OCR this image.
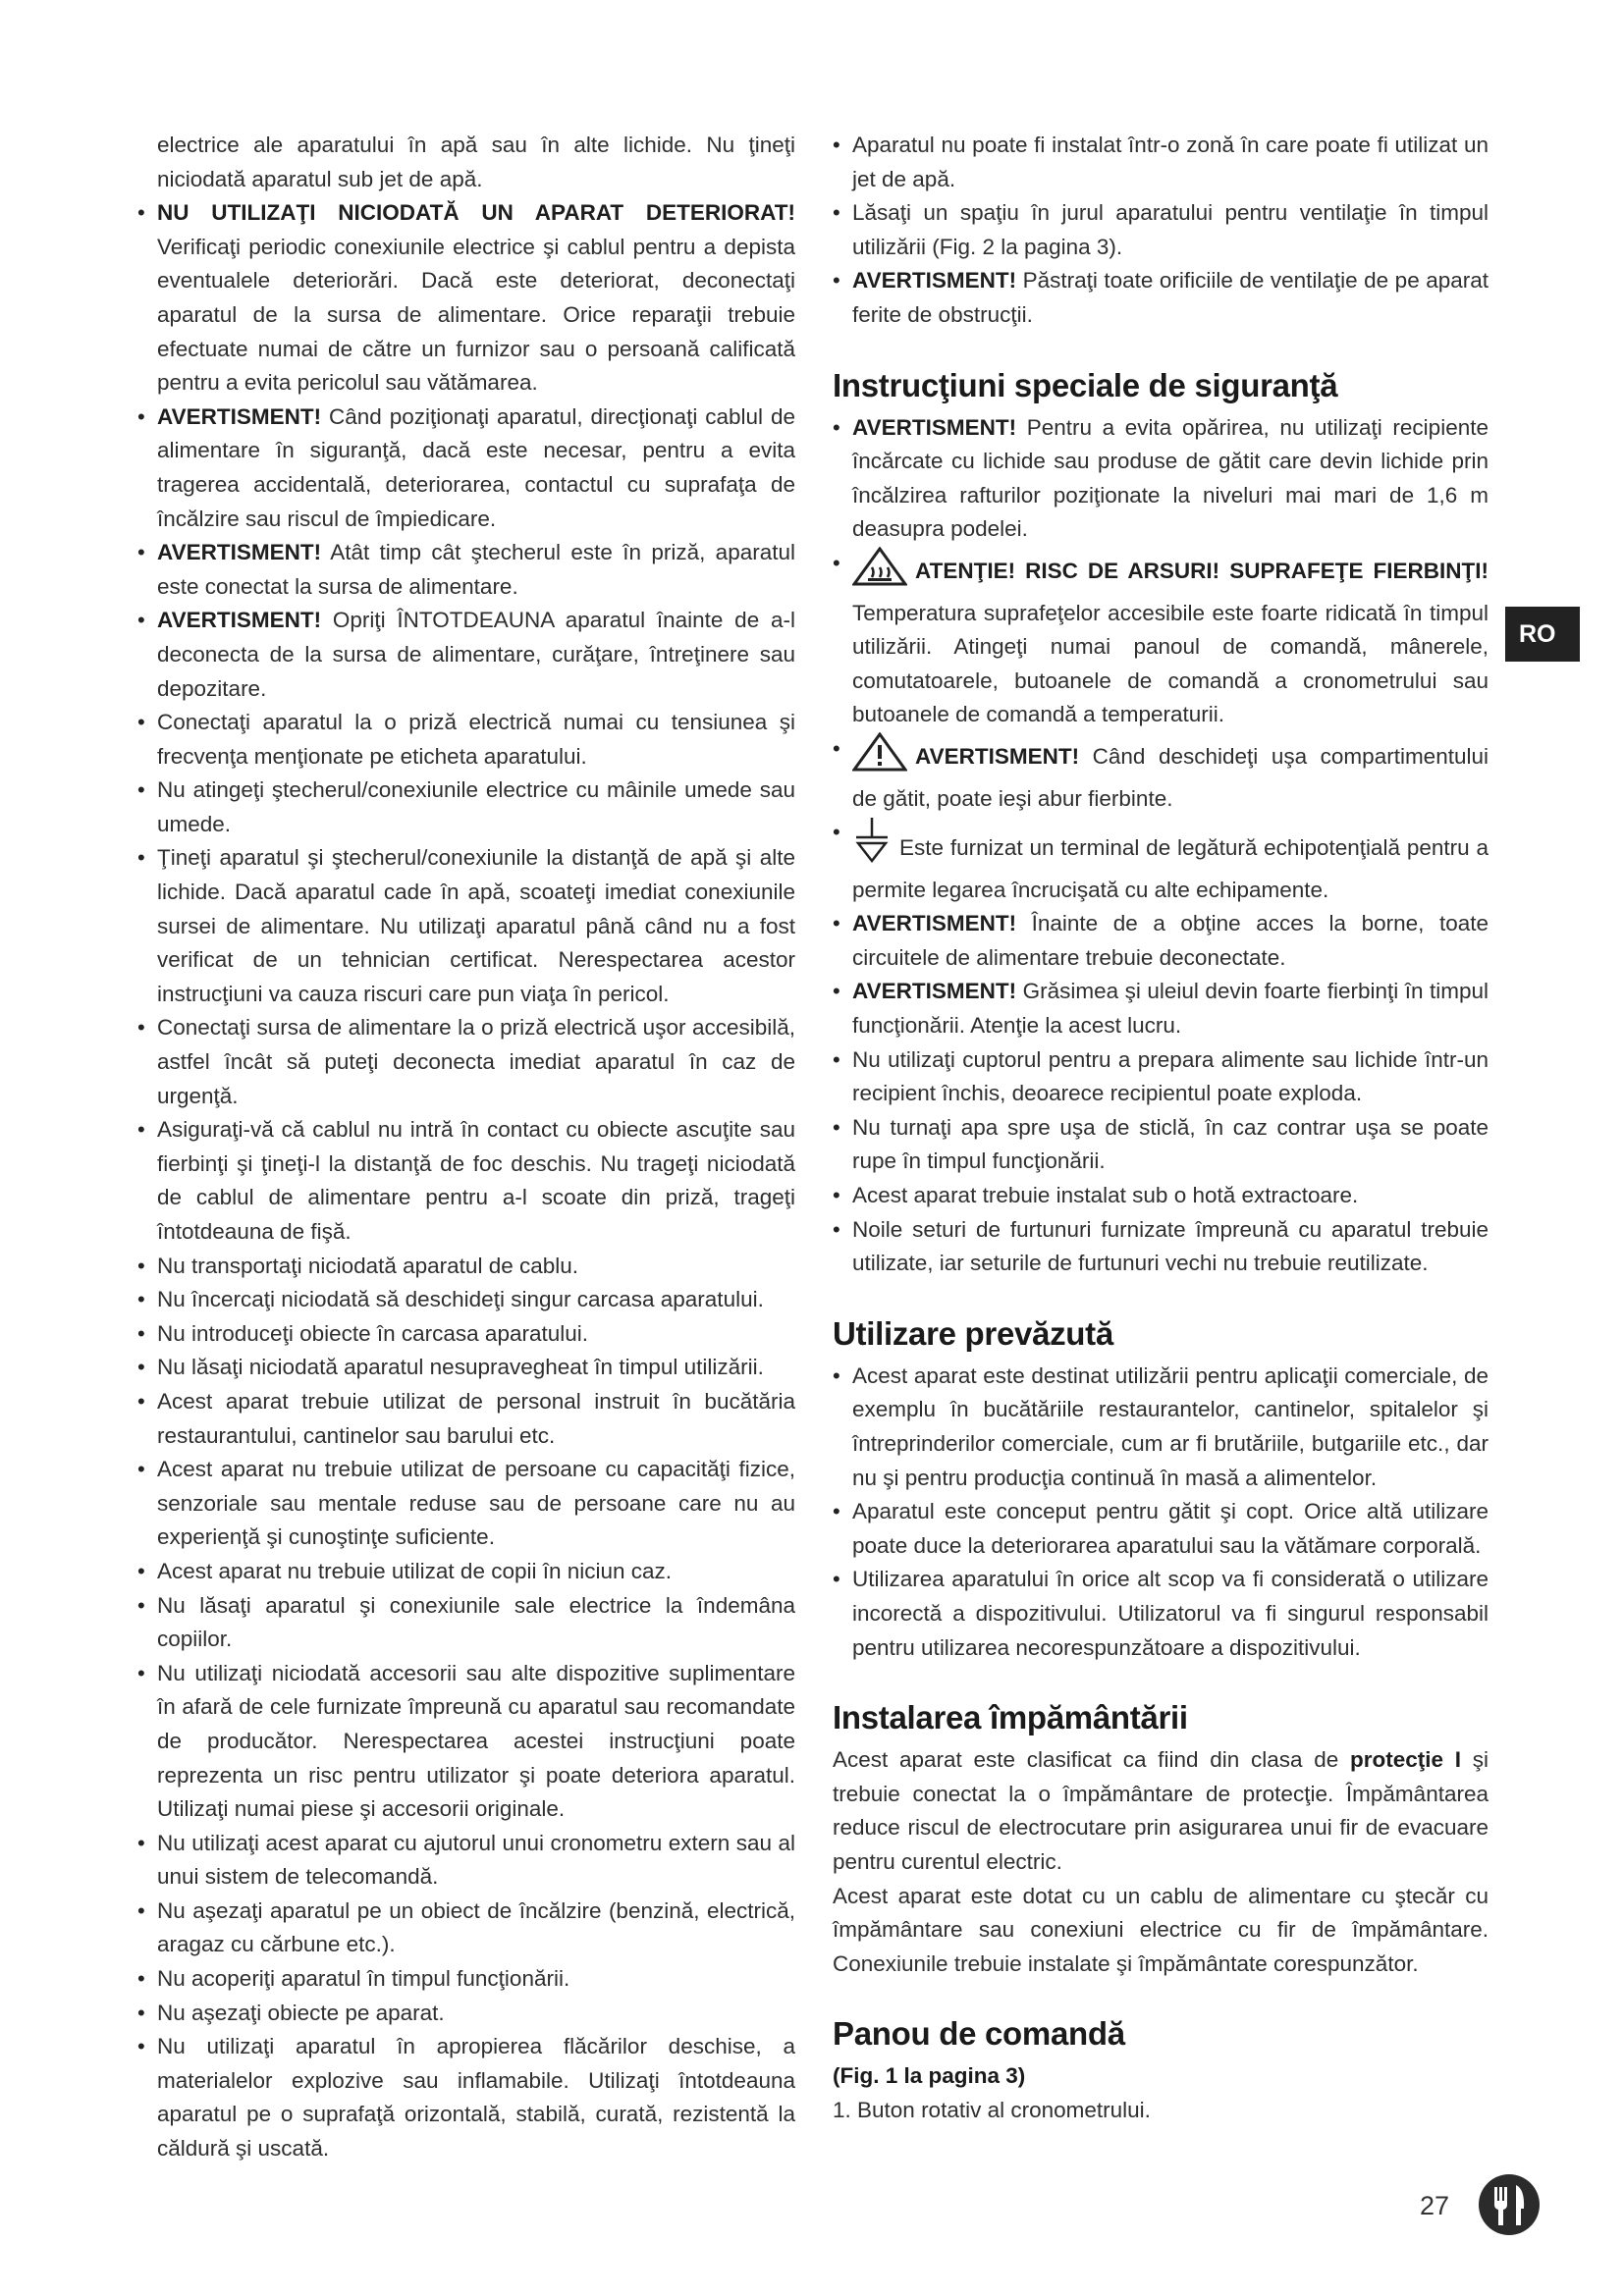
electrice ale aparatului în apă sau în alte lichide. Nu ţineţi niciodată aparatul sub jet de apă.

• NU UTILIZAŢI NICIODATĂ UN APARAT DETERIORAT! Verificaţi periodic conexiunile electrice şi cablul pentru a depista eventualele deteriorări. Dacă este deteriorat, deconectaţi aparatul de la sursa de alimentare. Orice reparaţii trebuie efectuate numai de către un furnizor sau o persoană calificată pentru a evita pericolul sau vătămarea.
• AVERTISMENT! Când poziţionaţi aparatul, direcţionaţi cablul de alimentare în siguranţă, dacă este necesar, pentru a evita tragerea accidentală, deteriorarea, contactul cu suprafaţa de încălzire sau riscul de împiedicare.
• AVERTISMENT! Atât timp cât ştecherul este în priză, aparatul este conectat la sursa de alimentare.
• AVERTISMENT! Opriţi ÎNTOTDEAUNA aparatul înainte de a-l deconecta de la sursa de alimentare, curăţare, întreţinere sau depozitare.
• Conectaţi aparatul la o priză electrică numai cu tensiunea şi frecvenţa menţionate pe eticheta aparatului.
• Nu atingeţi ştecherul/conexiunile electrice cu mâinile umede sau umede.
• Ţineţi aparatul şi ştecherul/conexiunile la distanţă de apă şi alte lichide. Dacă aparatul cade în apă, scoateţi imediat conexiunile sursei de alimentare. Nu utilizaţi aparatul până când nu a fost verificat de un tehnician certificat. Nerespectarea acestor instrucţiuni va cauza riscuri care pun viaţa în pericol.
• Conectaţi sursa de alimentare la o priză electrică uşor accesibilă, astfel încât să puteţi deconecta imediat aparatul în caz de urgenţă.
• Asiguraţi-vă că cablul nu intră în contact cu obiecte ascuţite sau fierbinţi şi ţineţi-l la distanţă de foc deschis. Nu trageţi niciodată de cablul de alimentare pentru a-l scoate din priză, trageţi întotdeauna de fişă.
• Nu transportaţi niciodată aparatul de cablu.
• Nu încercaţi niciodată să deschideţi singur carcasa aparatului.
• Nu introduceţi obiecte în carcasa aparatului.
• Nu lăsaţi niciodată aparatul nesupravegheat în timpul utilizării.
• Acest aparat trebuie utilizat de personal instruit în bucătăria restaurantului, cantinelor sau barului etc.
• Acest aparat nu trebuie utilizat de persoane cu capacităţi fizice, senzoriale sau mentale reduse sau de persoane care nu au experienţă şi cunoştinţe suficiente.
• Acest aparat nu trebuie utilizat de copii în niciun caz.
• Nu lăsaţi aparatul şi conexiunile sale electrice la îndemâna copiilor.
• Nu utilizaţi niciodată accesorii sau alte dispozitive suplimentare în afară de cele furnizate împreună cu aparatul sau recomandate de producător. Nerespectarea acestei instrucţiuni poate reprezenta un risc pentru utilizator şi poate deteriora aparatul. Utilizaţi numai piese şi accesorii originale.
• Nu utilizaţi acest aparat cu ajutorul unui cronometru extern sau al unui sistem de telecomandă.
• Nu aşezaţi aparatul pe un obiect de încălzire (benzină, electrică, aragaz cu cărbune etc.).
• Nu acoperiţi aparatul în timpul funcţionării.
• Nu aşezaţi obiecte pe aparat.
• Nu utilizaţi aparatul în apropierea flăcărilor deschise, a materialelor explozive sau inflamabile. Utilizaţi întotdeauna aparatul pe o suprafaţă orizontală, stabilă, curată, rezistentă la căldură şi uscată.
• Aparatul nu poate fi instalat într-o zonă în care poate fi utilizat un jet de apă.
• Lăsaţi un spaţiu în jurul aparatului pentru ventilaţie în timpul utilizării (Fig. 2 la pagina 3).
• AVERTISMENT! Păstraţi toate orificiile de ventilaţie de pe aparat ferite de obstrucţii.
Instrucţiuni speciale de siguranţă
• AVERTISMENT! Pentru a evita opărirea, nu utilizaţi recipiente încărcate cu lichide sau produse de gătit care devin lichide prin încălzirea rafturilor poziţionate la niveluri mai mari de 1,6 m deasupra podelei.
• ATENŢIE! RISC DE ARSURI! SUPRAFEŢE FIERBINŢI! Temperatura suprafeţelor accesibile este foarte ridicată în timpul utilizării. Atingeţi numai panoul de comandă, mânerele, comutatoarele, butoanele de comandă a cronometrului sau butoanele de comandă a temperaturii.
• AVERTISMENT! Când deschideţi uşa compartimentului de gătit, poate ieşi abur fierbinte.
• Este furnizat un terminal de legătură echipotenţială pentru a permite legarea încrucişată cu alte echipamente.
• AVERTISMENT! Înainte de a obţine acces la borne, toate circuitele de alimentare trebuie deconectate.
• AVERTISMENT! Grăsimea şi uleiul devin foarte fierbinţi în timpul funcţionării. Atenţie la acest lucru.
• Nu utilizaţi cuptorul pentru a prepara alimente sau lichide într-un recipient închis, deoarece recipientul poate exploda.
• Nu turnaţi apa spre uşa de sticlă, în caz contrar uşa se poate rupe în timpul funcţionării.
• Acest aparat trebuie instalat sub o hotă extractoare.
• Noile seturi de furtunuri furnizate împreună cu aparatul trebuie utilizate, iar seturile de furtunuri vechi nu trebuie reutilizate.
Utilizare prevăzută
• Acest aparat este destinat utilizării pentru aplicaţii comerciale, de exemplu în bucătăriile restaurantelor, cantinelor, spitalelor şi întreprinderilor comerciale, cum ar fi brutăriile, butgariile etc., dar nu şi pentru producţia continuă în masă a alimentelor.
• Aparatul este conceput pentru gătit şi copt. Orice altă utilizare poate duce la deteriorarea aparatului sau la vătămare corporală.
• Utilizarea aparatului în orice alt scop va fi considerată o utilizare incorectă a dispozitivului. Utilizatorul va fi singurul responsabil pentru utilizarea necorespunzătoare a dispozitivului.
Instalarea împământării

Acest aparat este clasificat ca fiind din clasa de protecţie I şi trebuie conectat la o împământare de protecţie. Împământarea reduce riscul de electrocutare prin asigurarea unui fir de evacuare pentru curentul electric.

Acest aparat este dotat cu un cablu de alimentare cu ştecăr cu împământare sau conexiuni electrice cu fir de împământare. Conexiunile trebuie instalate şi împământate corespunzător.

Panou de comandă
(Fig. 1 la pagina 3)
1. Buton rotativ al cronometrului.
RO
27
